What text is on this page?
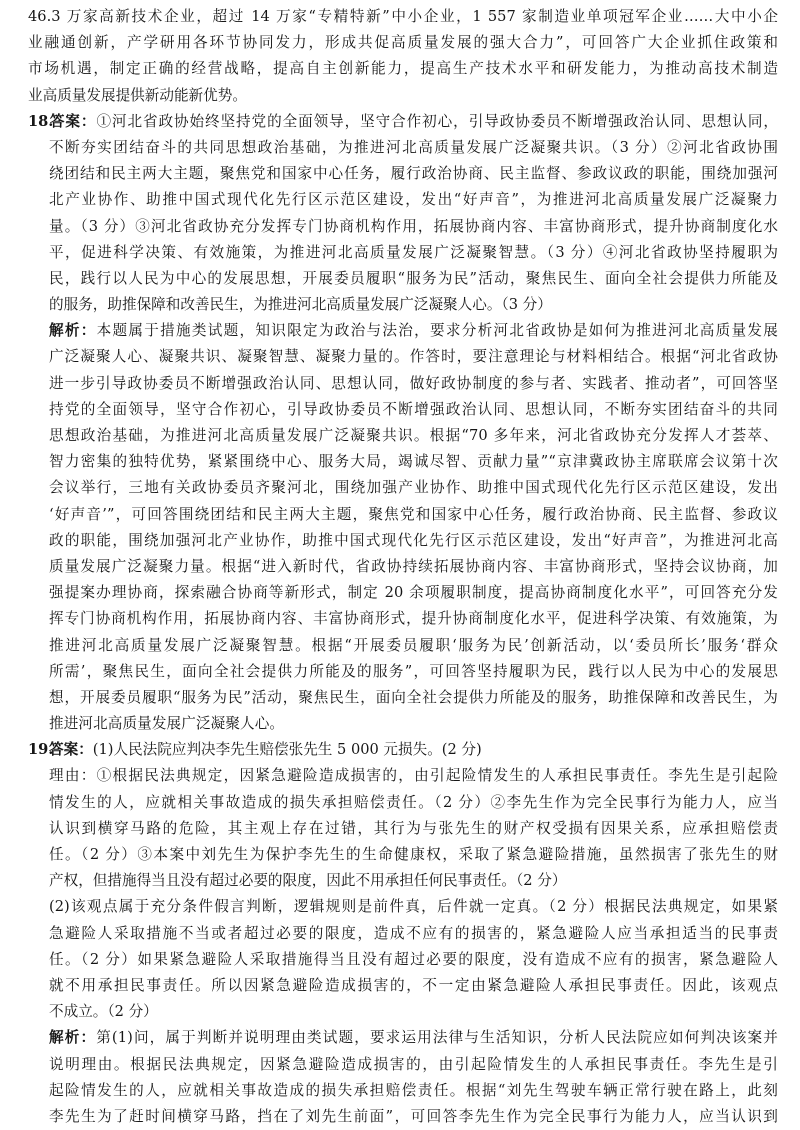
46.3 万家高新技术企业，超过 14 万家“专精特新”中小企业，1 557 家制造业单项冠军企业……大中小企
业融通创新，产学研用各环节协同发力，形成共促高质量发展的强大合力”，可回答广大企业抓住政策和
市场机遇，制定正确的经营战略，提高自主创新能力，提高生产技术水平和研发能力，为推动高技术制造
业高质量发展提供新动能新优势。
18.答案：①河北省政协始终坚持党的全面领导，坚守合作初心，引导政协委员不断增强政治认同、思想认同，
不断夯实团结奋斗的共同思想政治基础，为推进河北高质量发展广泛凝聚共识。（3 分）②河北省政协围
绕团结和民主两大主题，聚焦党和国家中心任务，履行政治协商、民主监督、参政议政的职能，围绕加强河
北产业协作、助推中国式现代化先行区示范区建设，发出“好声音”，为推进河北高质量发展广泛凝聚力
量。（3 分）③河北省政协充分发挥专门协商机构作用，拓展协商内容、丰富协商形式，提升协商制度化水
平，促进科学决策、有效施策，为推进河北高质量发展广泛凝聚智慧。（3 分）④河北省政协坚持履职为
民，践行以人民为中心的发展思想，开展委员履职“服务为民”活动，聚焦民生、面向全社会提供力所能及
的服务，助推保障和改善民生，为推进河北高质量发展广泛凝聚人心。（3 分）
解析：本题属于措施类试题，知识限定为政治与法治，要求分析河北省政协是如何为推进河北高质量发展
广泛凝聚人心、凝聚共识、凝聚智慧、凝聚力量的。作答时，要注意理论与材料相结合。根据“河北省政协
进一步引导政协委员不断增强政治认同、思想认同，做好政协制度的参与者、实践者、推动者”，可回答坚
持党的全面领导，坚守合作初心，引导政协委员不断增强政治认同、思想认同，不断夯实团结奋斗的共同
思想政治基础，为推进河北高质量发展广泛凝聚共识。根据“70 多年来，河北省政协充分发挥人才荟萃、
智力密集的独特优势，紧紧围绕中心、服务大局，竭诚尽智、贡献力量”“京津冀政协主席联席会议第十次
会议举行，三地有关政协委员齐聚河北，围绕加强产业协作、助推中国式现代化先行区示范区建设，发出
‘好声音’”，可回答围绕团结和民主两大主题，聚焦党和国家中心任务，履行政治协商、民主监督、参政议
政的职能，围绕加强河北产业协作，助推中国式现代化先行区示范区建设，发出“好声音”，为推进河北高
质量发展广泛凝聚力量。根据“进入新时代，省政协持续拓展协商内容、丰富协商形式，坚持会议协商，加
强提案办理协商，探索融合协商等新形式，制定 20 余项履职制度，提高协商制度化水平”，可回答充分发
挥专门协商机构作用，拓展协商内容、丰富协商形式，提升协商制度化水平，促进科学决策、有效施策，为
推进河北高质量发展广泛凝聚智慧。根据“开展委员履职‘服务为民’创新活动，以‘委员所长’服务‘群众
所需’，聚焦民生，面向全社会提供力所能及的服务”，可回答坚持履职为民，践行以人民为中心的发展思
想，开展委员履职“服务为民”活动，聚焦民生，面向全社会提供力所能及的服务，助推保障和改善民生，为
推进河北高质量发展广泛凝聚人心。
19.答案：(1)人民法院应判决李先生赔偿张先生 5 000 元损失。(2 分)
理由：①根据民法典规定，因紧急避险造成损害的，由引起险情发生的人承担民事责任。李先生是引起险
情发生的人，应就相关事故造成的损失承担赔偿责任。（2 分）②李先生作为完全民事行为能力人，应当
认识到横穿马路的危险，其主观上存在过错，其行为与张先生的财产权受损有因果关系，应承担赔偿责
任。（2 分）③本案中刘先生为保护李先生的生命健康权，采取了紧急避险措施，虽然损害了张先生的财
产权，但措施得当且没有超过必要的限度，因此不用承担任何民事责任。（2 分）
(2)该观点属于充分条件假言判断，逻辑规则是前件真，后件就一定真。（2 分）根据民法典规定，如果紧
急避险人采取措施不当或者超过必要的限度，造成不应有的损害的，紧急避险人应当承担适当的民事责
任。（2 分）如果紧急避险人采取措施得当且没有超过必要的限度，没有造成不应有的损害，紧急避险人
就不用承担民事责任。所以因紧急避险造成损害的，不一定由紧急避险人承担民事责任。因此，该观点
不成立。（2 分）
解析：第(1)问，属于判断并说明理由类试题，要求运用法律与生活知识，分析人民法院应如何判决该案并
说明理由。根据民法典规定，因紧急避险造成损害的，由引起险情发生的人承担民事责任。李先生是引
起险情发生的人，应就相关事故造成的损失承担赔偿责任。根据“刘先生驾驶车辆正常行驶在路上，此刻
李先生为了赶时间横穿马路，挡在了刘先生前面”，可回答李先生作为完全民事行为能力人，应当认识到
